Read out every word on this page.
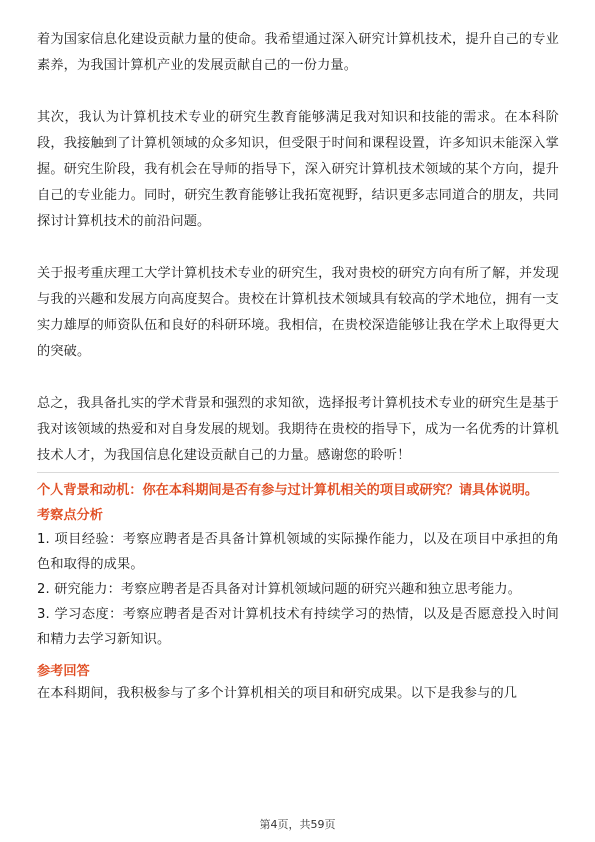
着为国家信息化建设贡献力量的使命。我希望通过深入研究计算机技术，提升自己的专业素养，为我国计算机产业的发展贡献自己的一份力量。

其次，我认为计算机技术专业的研究生教育能够满足我对知识和技能的需求。在本科阶段，我接触到了计算机领域的众多知识，但受限于时间和课程设置，许多知识未能深入掌握。研究生阶段，我有机会在导师的指导下，深入研究计算机技术领域的某个方向，提升自己的专业能力。同时，研究生教育能够让我拓宽视野，结识更多志同道合的朋友，共同探讨计算机技术的前沿问题。

关于报考重庆理工大学计算机技术专业的研究生，我对贵校的研究方向有所了解，并发现与我的兴趣和发展方向高度契合。贵校在计算机技术领域具有较高的学术地位，拥有一支实力雄厚的师资队伍和良好的科研环境。我相信，在贵校深造能够让我在学术上取得更大的突破。

总之，我具备扎实的学术背景和强烈的求知欲，选择报考计算机技术专业的研究生是基于我对该领域的热爱和对自身发展的规划。我期待在贵校的指导下，成为一名优秀的计算机技术人才，为我国信息化建设贡献自己的力量。感谢您的聆听！

个人背景和动机：你在本科期间是否有参与过计算机相关的项目或研究？请具体说明。

考察点分析

1. 项目经验：考察应聘者是否具备计算机领域的实际操作能力，以及在项目中承担的角色和取得的成果。
2. 研究能力：考察应聘者是否具备对计算机领域问题的研究兴趣和独立思考能力。
3. 学习态度：考察应聘者是否对计算机技术有持续学习的热情，以及是否愿意投入时间和精力去学习新知识。

参考回答

在本科期间，我积极参与了多个计算机相关的项目和研究成果。以下是我参与的几

第4页，共59页
